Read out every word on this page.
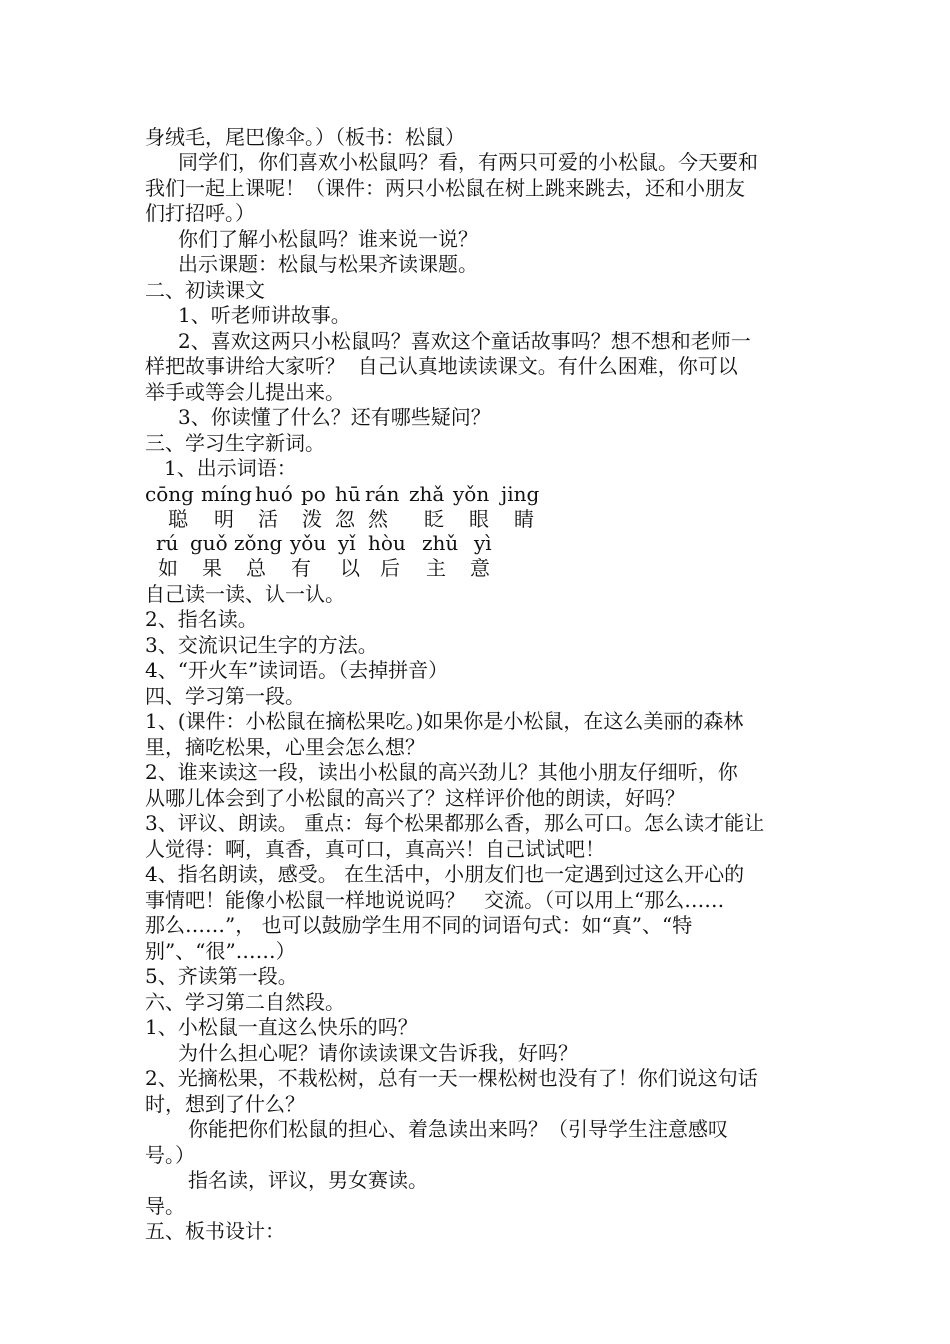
身绒毛，尾巴像伞。）（板书：松鼠）
同学们，你们喜欢小松鼠吗？看，有两只可爱的小松鼠。今天要和
我们一起上课呢！（课件：两只小松鼠在树上跳来跳去，还和小朋友
们打招呼。）
你们了解小松鼠吗？谁来说一说？
出示课题：松鼠与松果齐读课题。
二、初读课文
1、听老师讲故事。
2、喜欢这两只小松鼠吗？喜欢这个童话故事吗？想不想和老师一
样把故事讲给大家听？  自己认真地读读课文。有什么困难，你可以
举手或等会儿提出来。
3、你读懂了什么？还有哪些疑问？
三、学习生字新词。
1、出示词语：
cōng míng huó po hū rán zhǎ yǒn jing
聪 明 活 泼 忽 然 眨 眼 睛
rú guǒ zǒng yǒu yǐ hòu zhǔ yì
如 果 总 有 以 后 主 意
自己读一读、认一认。
2、指名读。
3、交流识记生字的方法。
4、“开火车”读词语。（去掉拼音）
四、学习第一段。
1、(课件：小松鼠在摘松果吃。)如果你是小松鼠，在这么美丽的森林
里，摘吃松果，心里会怎么想？
2、谁来读这一段，读出小松鼠的高兴劲儿？其他小朋友仔细听，你
从哪儿体会到了小松鼠的高兴了？这样评价他的朗读，好吗？
3、评议、朗读。 重点：每个松果都那么香，那么可口。怎么读才能让
人觉得：啊，真香，真可口，真高兴！自己试试吧！
4、指名朗读，感受。 在生活中，小朋友们也一定遇到过这么开心的
事情吧！能像小松鼠一样地说说吗？   交流。（可以用上“那么……
那么……”， 也可以鼓励学生用不同的词语句式：如“真”、“特
别”、“很”……）
5、齐读第一段。
六、学习第二自然段。
1、小松鼠一直这么快乐的吗？
为什么担心呢？请你读读课文告诉我，好吗？
2、光摘松果，不栽松树，总有一天一棵松树也没有了！你们说这句话
时，想到了什么？
你能把你们松鼠的担心、着急读出来吗？（引导学生注意感叹
号。）
指名读，评议，男女赛读。
导。
五、板书设计：
